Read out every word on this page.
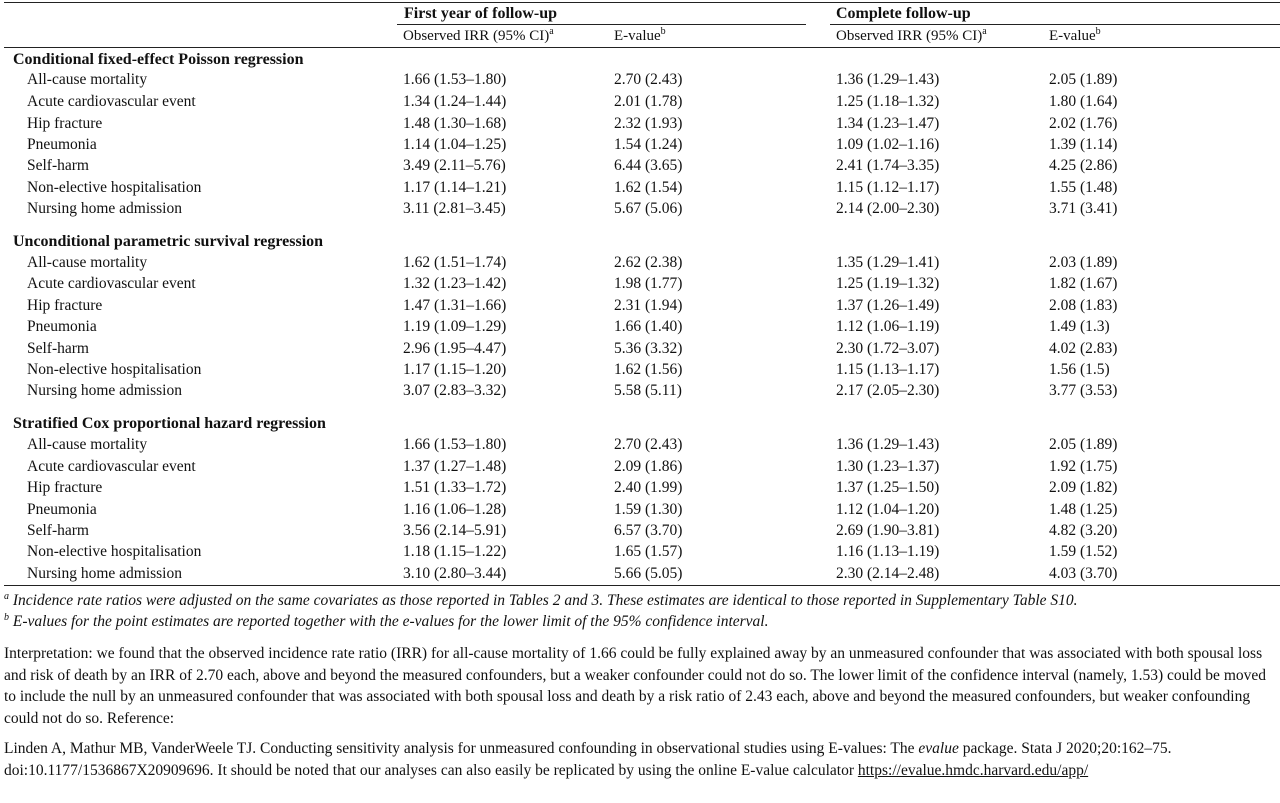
First year of follow-up	Complete follow-up
Observed IRR (95% CI)$^a$	E-value$^b$	Observed IRR (95% CI)$^a$	E-value$^b$
Conditional fixed-effect Poisson regression
All-cause mortality	1.66 (1.53–1.80)	2.70 (2.43)	1.36 (1.29–1.43)	2.05 (1.89)
Acute cardiovascular event	1.34 (1.24–1.44)	2.01 (1.78)	1.25 (1.18–1.32)	1.80 (1.64)
Hip fracture	1.48 (1.30–1.68)	2.32 (1.93)	1.34 (1.23–1.47)	2.02 (1.76)
Pneumonia	1.14 (1.04–1.25)	1.54 (1.24)	1.09 (1.02–1.16)	1.39 (1.14)
Self-harm	3.49 (2.11–5.76)	6.44 (3.65)	2.41 (1.74–3.35)	4.25 (2.86)
Non-elective hospitalisation	1.17 (1.14–1.21)	1.62 (1.54)	1.15 (1.12–1.17)	1.55 (1.48)
Nursing home admission	3.11 (2.81–3.45)	5.67 (5.06)	2.14 (2.00–2.30)	3.71 (3.41)
Unconditional parametric survival regression
All-cause mortality	1.62 (1.51–1.74)	2.62 (2.38)	1.35 (1.29–1.41)	2.03 (1.89)
Acute cardiovascular event	1.32 (1.23–1.42)	1.98 (1.77)	1.25 (1.19–1.32)	1.82 (1.67)
Hip fracture	1.47 (1.31–1.66)	2.31 (1.94)	1.37 (1.26–1.49)	2.08 (1.83)
Pneumonia	1.19 (1.09–1.29)	1.66 (1.40)	1.12 (1.06–1.19)	1.49 (1.3)
Self-harm	2.96 (1.95–4.47)	5.36 (3.32)	2.30 (1.72–3.07)	4.02 (2.83)
Non-elective hospitalisation	1.17 (1.15–1.20)	1.62 (1.56)	1.15 (1.13–1.17)	1.56 (1.5)
Nursing home admission	3.07 (2.83–3.32)	5.58 (5.11)	2.17 (2.05–2.30)	3.77 (3.53)
Stratified Cox proportional hazard regression
All-cause mortality	1.66 (1.53–1.80)	2.70 (2.43)	1.36 (1.29–1.43)	2.05 (1.89)
Acute cardiovascular event	1.37 (1.27–1.48)	2.09 (1.86)	1.30 (1.23–1.37)	1.92 (1.75)
Hip fracture	1.51 (1.33–1.72)	2.40 (1.99)	1.37 (1.25–1.50)	2.09 (1.82)
Pneumonia	1.16 (1.06–1.28)	1.59 (1.30)	1.12 (1.04–1.20)	1.48 (1.25)
Self-harm	3.56 (2.14–5.91)	6.57 (3.70)	2.69 (1.90–3.81)	4.82 (3.20)
Non-elective hospitalisation	1.18 (1.15–1.22)	1.65 (1.57)	1.16 (1.13–1.19)	1.59 (1.52)
Nursing home admission	3.10 (2.80–3.44)	5.66 (5.05)	2.30 (2.14–2.48)	4.03 (3.70)
$^a$ Incidence rate ratios were adjusted on the same covariates as those reported in Tables 2 and 3. These estimates are identical to those reported in Supplementary Table S10.
$^b$ E-values for the point estimates are reported together with the e-values for the lower limit of the 95% confidence interval.
Interpretation: we found that the observed incidence rate ratio (IRR) for all-cause mortality of 1.66 could be fully explained away by an unmeasured confounder that was associated with both spousal loss and risk of death by an IRR of 2.70 each, above and beyond the measured confounders, but a weaker confounder could not do so. The lower limit of the confidence interval (namely, 1.53) could be moved to include the null by an unmeasured confounder that was associated with both spousal loss and death by a risk ratio of 2.43 each, above and beyond the measured confounders, but weaker confounding could not do so. Reference:
Linden A, Mathur MB, VanderWeele TJ. Conducting sensitivity analysis for unmeasured confounding in observational studies using E-values: The evalue package. Stata J 2020;20:162–75. doi:10.1177/1536867X20909696. It should be noted that our analyses can also easily be replicated by using the online E-value calculator https://evalue.hmdc.harvard.edu/app/
